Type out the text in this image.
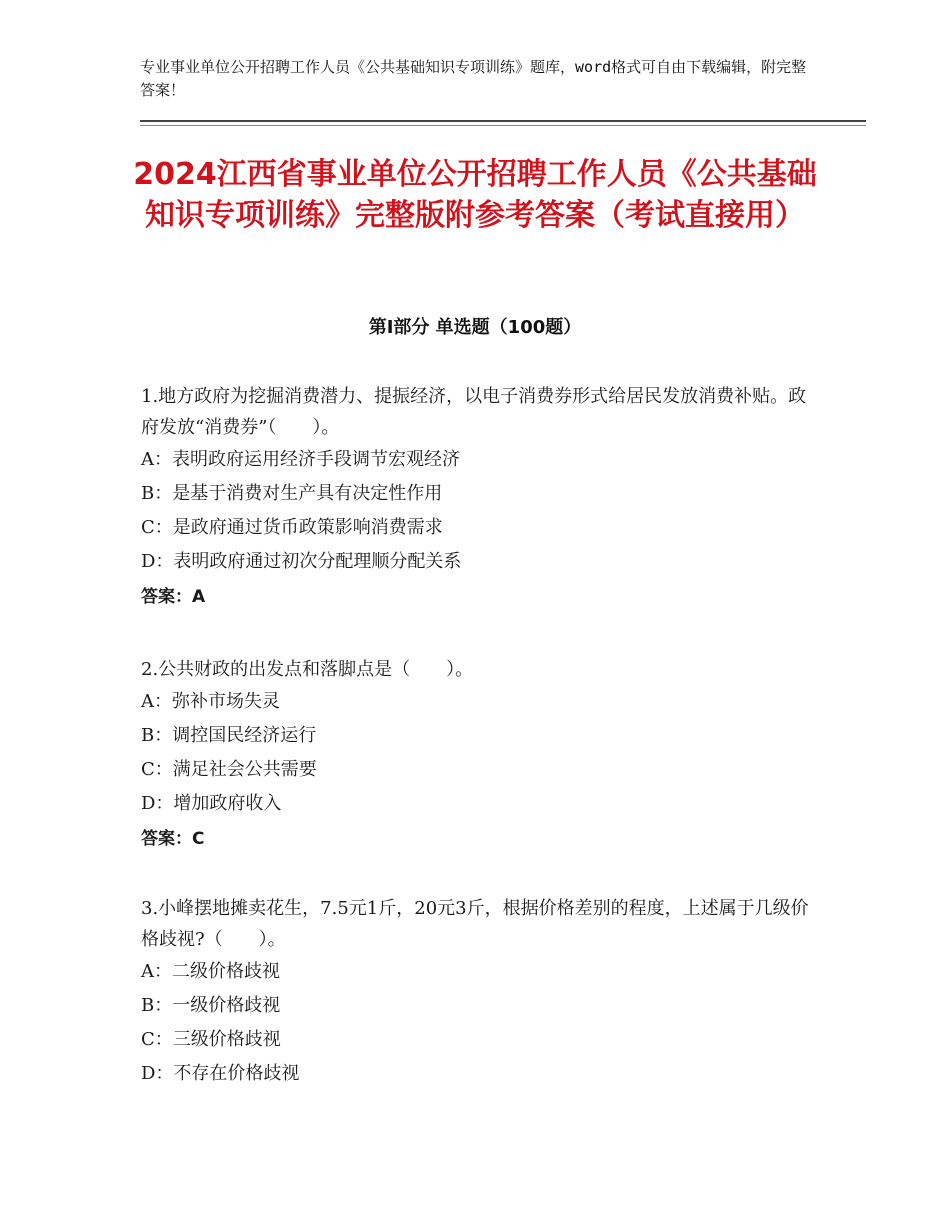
专业事业单位公开招聘工作人员《公共基础知识专项训练》题库，word格式可自由下载编辑，附完整答案！
2024江西省事业单位公开招聘工作人员《公共基础知识专项训练》完整版附参考答案（考试直接用）
第Ⅰ部分 单选题（100题）
1.地方政府为挖掘消费潜力、提振经济，以电子消费券形式给居民发放消费补贴。政府发放“消费券”（　　）。
A：表明政府运用经济手段调节宏观经济
B：是基于消费对生产具有决定性作用
C：是政府通过货币政策影响消费需求
D：表明政府通过初次分配理顺分配关系
答案：A
2.公共财政的出发点和落脚点是（　　）。
A：弥补市场失灵
B：调控国民经济运行
C：满足社会公共需要
D：增加政府收入
答案：C
3.小峰摆地摊卖花生，7.5元1斤，20元3斤，根据价格差别的程度，上述属于几级价格歧视?（　　）。
A：二级价格歧视
B：一级价格歧视
C：三级价格歧视
D：不存在价格歧视
